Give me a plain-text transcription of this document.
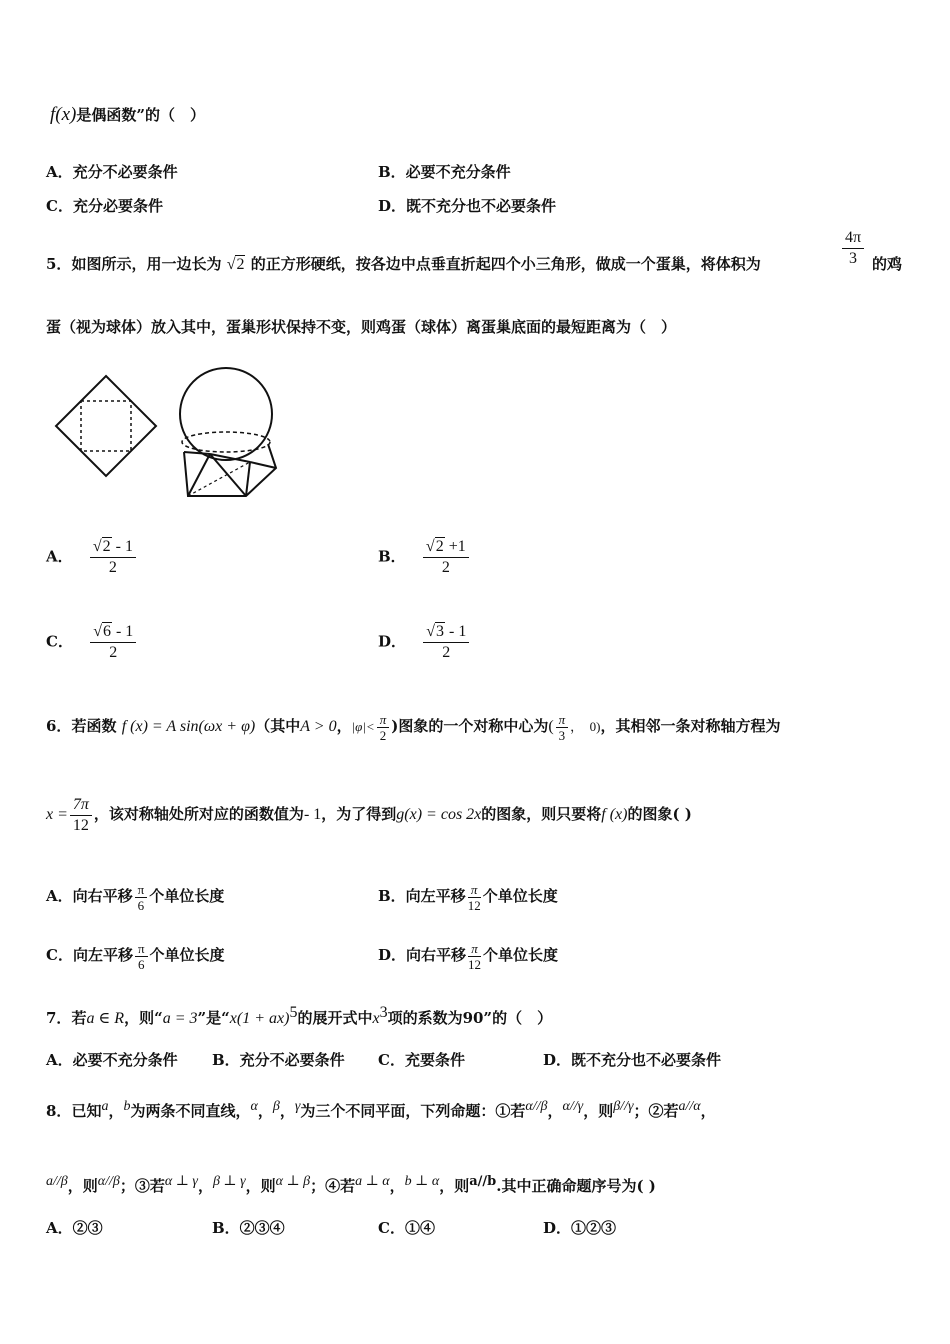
f(x)是偶函数”的（　）
A．充分不必要条件	B．必要不充分条件
C．充分必要条件	D．既不充分也不必要条件
5．如图所示，用一边长为 √2 的正方形硬纸，按各边中点垂直折起四个小三角形，做成一个蛋巢，将体积为	$\frac{4\pi}{3}$ 的鸡
蛋（视为球体）放入其中，蛋巢形状保持不变，则鸡蛋（球体）离蛋巢底面的最短距离为（　）
A． $\frac{√2 - 1}{2}$	B． $\frac{√2 +1}{2}$
C． $\frac{√6 - 1}{2}$	D． $\frac{√3 - 1}{2}$
6．若函数 f (x) = A sin(ωx + φ)（其中A > 0，$|\varphi|< \frac{\pi}{2}$ )图象的一个对称中心为( $\frac{\pi}{3}$ ，　0)，其相邻一条对称轴方程为
$x = \frac{7\pi}{12}$ ，该对称轴处所对应的函数值为- 1，为了得到g(x) = cos 2x的图象，则只要将f (x)的图象( )
A．向右平移 $\frac{\pi}{6}$ 个单位长度	B．向左平移 $\frac{\pi}{12}$ 个单位长度
C．向左平移 $\frac{\pi}{6}$ 个单位长度	D．向右平移 $\frac{\pi}{12}$ 个单位长度
7．若a ∈ R，则“a = 3”是“x(1 + ax)$^5$的展开式中$x^3$项的系数为90”的（　）
A．必要不充分条件 B．充分不必要条件 C．充要条件	D．既不充分也不必要条件
8．已知$^a$，$^b$为两条不同直线，$^\alpha$，$^\beta$，$^\gamma$为三个不同平面，下列命题：①若$^{\alpha//\beta}$，$^{\alpha//\gamma}$，则$^{\beta//\gamma}$；②若$^{a//\alpha}$，
$^{a//\beta}$，则$^{\alpha//\beta}$；③若$^{\alpha \perp \gamma}$，$^{\beta \perp \gamma}$，则$^{\alpha \perp \beta}$；④若$^{a \perp \alpha}$，$^{b \perp \alpha}$，则$^{a//b}$.其中正确命题序号为( )
A．②③	B．②③④	C．①④	D．①②③
